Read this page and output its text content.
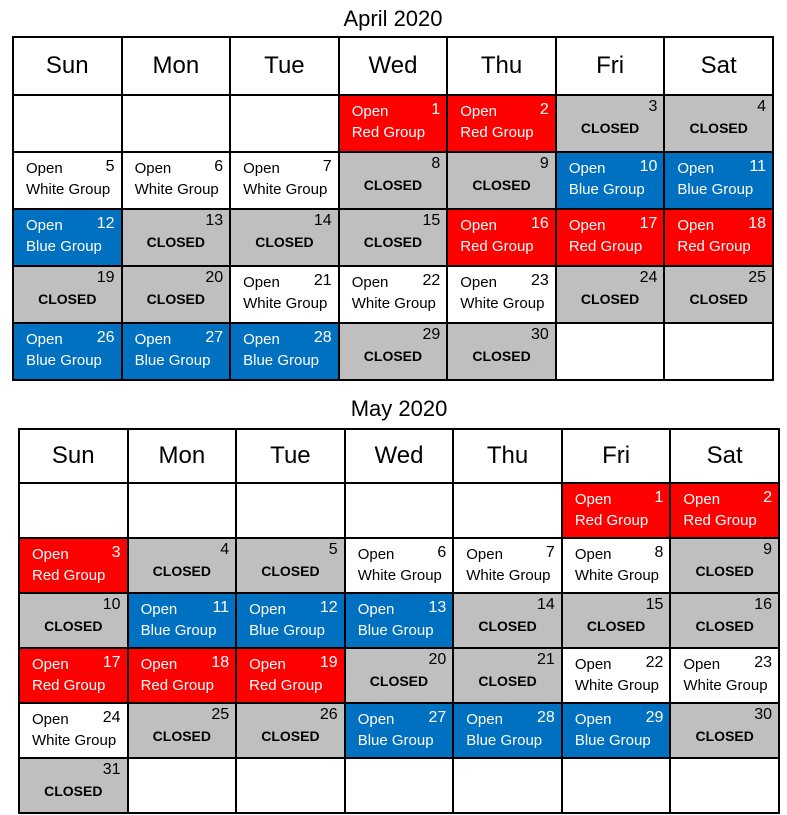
April 2020
Sun	Mon	Tue	Wed	Thu	Fri	Sat

			1
Open
Red Group	2
Open
Red Group	3
CLOSED	4
CLOSED

5
Open
White Group	6
Open
White Group	7
Open
White Group	8
CLOSED	9
CLOSED	10
Open
Blue Group	11
Open
Blue Group

12
Open
Blue Group	13
CLOSED	14
CLOSED	15
CLOSED	16
Open
Red Group	17
Open
Red Group	18
Open
Red Group

19
CLOSED	20
CLOSED	21
Open
White Group	22
Open
White Group	23
Open
White Group	24
CLOSED	25
CLOSED

26
Open
Blue Group	27
Open
Blue Group	28
Open
Blue Group	29
CLOSED	30
CLOSED		

May 2020
Sun	Mon	Tue	Wed	Thu	Fri	Sat

					1
Open
Red Group	2
Open
Red Group

3
Open
Red Group	4
CLOSED	5
CLOSED	6
Open
White Group	7
Open
White Group	8
Open
White Group	9
CLOSED

10
CLOSED	11
Open
Blue Group	12
Open
Blue Group	13
Open
Blue Group	14
CLOSED	15
CLOSED	16
CLOSED

17
Open
Red Group	18
Open
Red Group	19
Open
Red Group	20
CLOSED	21
CLOSED	22
Open
White Group	23
Open
White Group

24
Open
White Group	25
CLOSED	26
CLOSED	27
Open
Blue Group	28
Open
Blue Group	29
Open
Blue Group	30
CLOSED

31
CLOSED						
